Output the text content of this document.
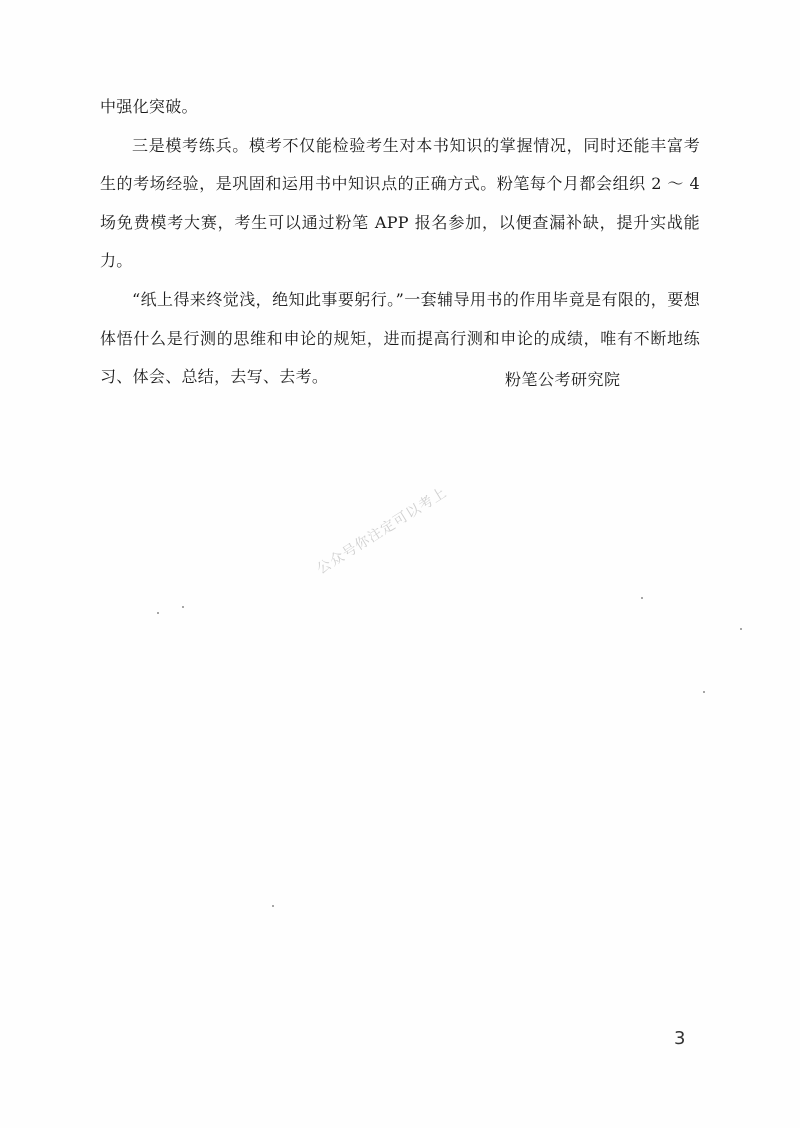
中强化突破。

三是模考练兵。模考不仅能检验考生对本书知识的掌握情况，同时还能丰富考生的考场经验，是巩固和运用书中知识点的正确方式。粉笔每个月都会组织 2 ～ 4 场免费模考大赛，考生可以通过粉笔 APP 报名参加，以便查漏补缺，提升实战能力。

“纸上得来终觉浅，绝知此事要躬行。”一套辅导用书的作用毕竟是有限的，要想体悟什么是行测的思维和申论的规矩，进而提高行测和申论的成绩，唯有不断地练习、体会、总结，去写、去考。	粉笔公考研究院
公众号你注定可以考上
3
